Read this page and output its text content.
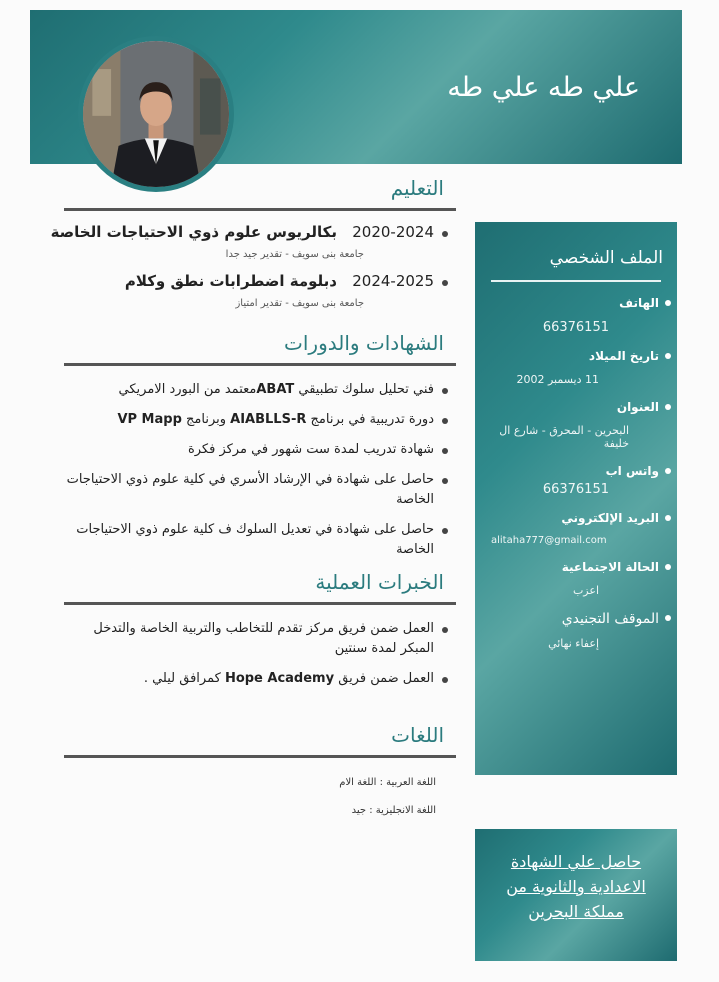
علي طه علي طه
التعليم
2020-2024 بكالريوس علوم ذوي الاحتياجات الخاصة
جامعة بنى سويف - تقدير جيد جدا
2024-2025 دبلومة اضطرابات نطق وكلام
جامعة بنى سويف - تقدير امتياز
الشهادات والدورات
فني تحليل سلوك تطبيقي ABATمعتمد من البورد الامريكي
دورة تدريبية في برنامج AIABLLS-R وبرنامج VP Mapp
شهادة تدريب لمدة ست شهور في مركز فكرة
حاصل على شهادة في الإرشاد الأسري في كلية علوم ذوي الاحتياجات الخاصة
حاصل على شهادة في تعديل السلوك ف كلية علوم ذوي الاحتياجات الخاصة
الخبرات العملية
العمل ضمن فريق مركز تقدم للتخاطب والتربية الخاصة والتدخل المبكر لمدة سنتين
العمل ضمن فريق Hope Academy كمرافق ليلي .
اللغات
اللغة العربية : اللغة الام
اللغة الانجليزية : جيد
الملف الشخصي
الهاتف
66376151
تاريخ الميلاد
11 ديسمبر 2002
العنوان
البحرين - المحرق - شارع ال خليفة
واتس اب
66376151
البريد الإلكتروني
alitaha777@gmail.com
الحالة الاجتماعية
اعزب
الموقف التجنيدي
إعفاء نهائي
حاصل علي الشهادة الاعدادية والثانوية من مملكة البحرين
